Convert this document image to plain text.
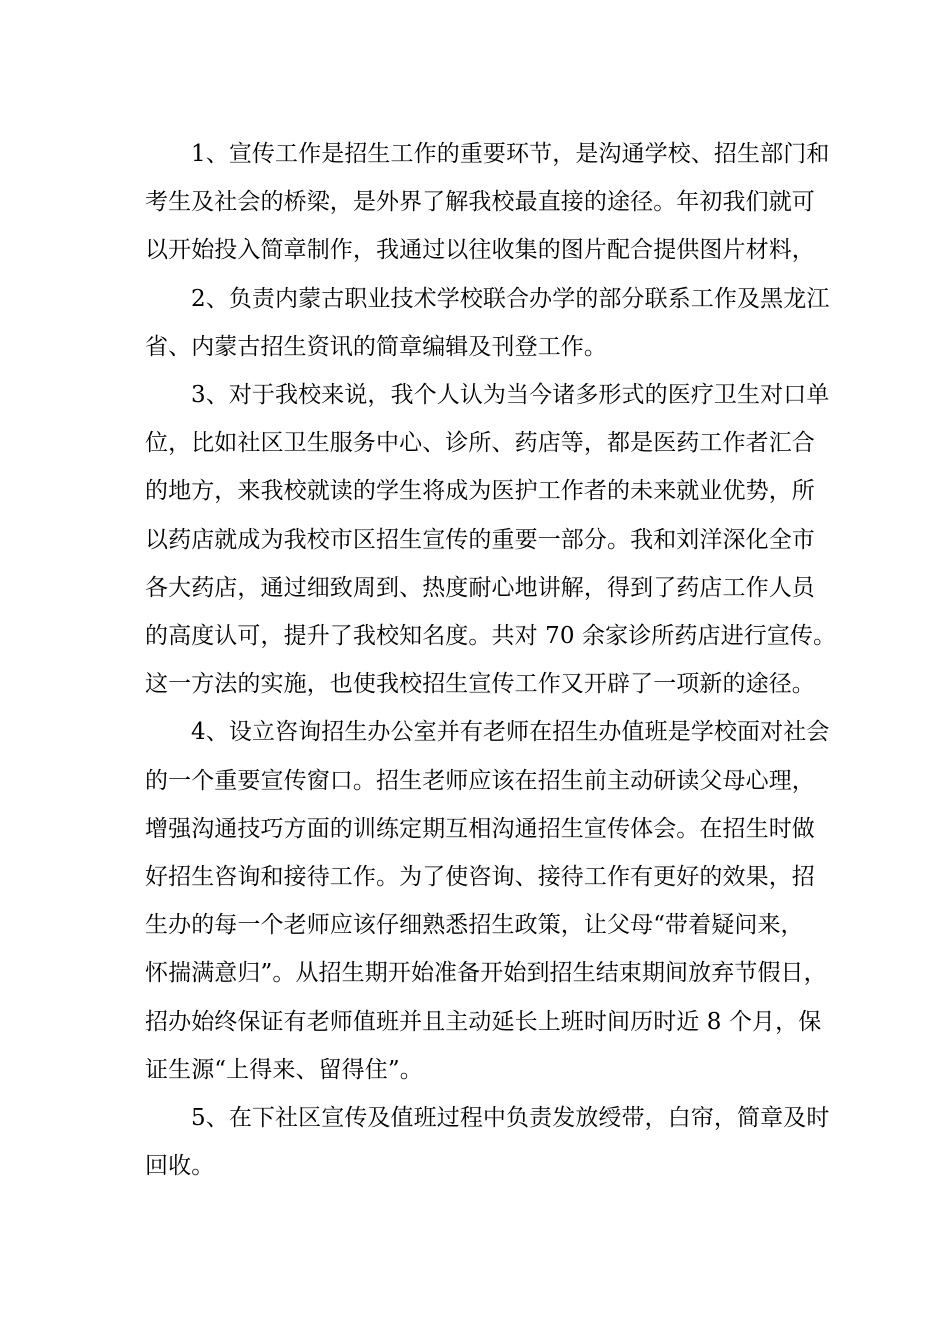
1、宣传工作是招生工作的重要环节，是沟通学校、招生部门和
考生及社会的桥梁，是外界了解我校最直接的途径。年初我们就可
以开始投入简章制作，我通过以往收集的图片配合提供图片材料，
2、负责内蒙古职业技术学校联合办学的部分联系工作及黑龙江
省、内蒙古招生资讯的简章编辑及刊登工作。
3、对于我校来说，我个人认为当今诸多形式的医疗卫生对口单
位，比如社区卫生服务中心、诊所、药店等，都是医药工作者汇合
的地方，来我校就读的学生将成为医护工作者的未来就业优势，所
以药店就成为我校市区招生宣传的重要一部分。我和刘洋深化全市
各大药店，通过细致周到、热度耐心地讲解，得到了药店工作人员
的高度认可，提升了我校知名度。共对 70 余家诊所药店进行宣传。
这一方法的实施，也使我校招生宣传工作又开辟了一项新的途径。
4、设立咨询招生办公室并有老师在招生办值班是学校面对社会
的一个重要宣传窗口。招生老师应该在招生前主动研读父母心理，
增强沟通技巧方面的训练定期互相沟通招生宣传体会。在招生时做
好招生咨询和接待工作。为了使咨询、接待工作有更好的效果，招
生办的每一个老师应该仔细熟悉招生政策，让父母“带着疑问来，
怀揣满意归”。从招生期开始准备开始到招生结束期间放弃节假日，
招办始终保证有老师值班并且主动延长上班时间历时近 8 个月，保
证生源“上得来、留得住”。
5、在下社区宣传及值班过程中负责发放绶带，白帘，简章及时
回收。
